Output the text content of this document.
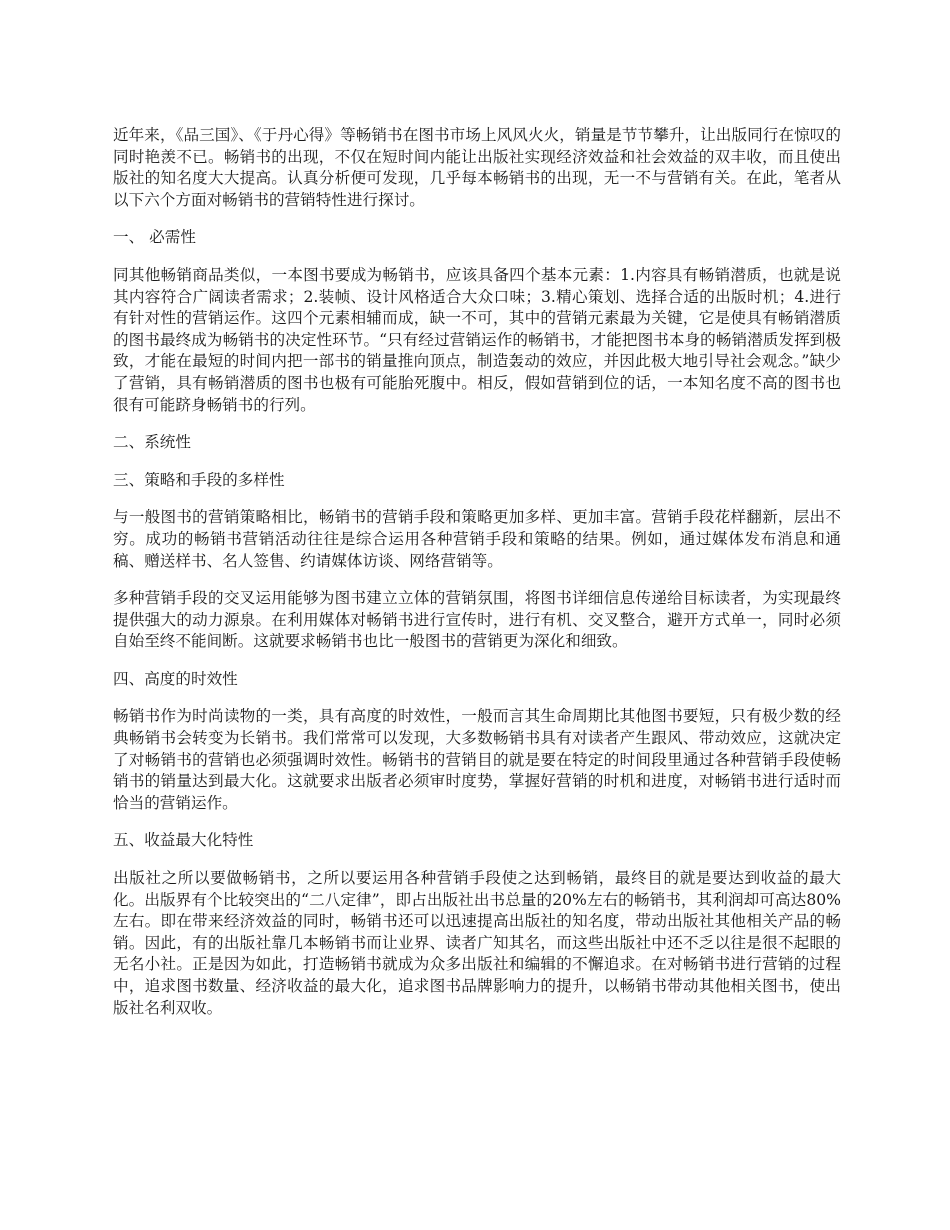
近年来，《品三国》、《于丹心得》等畅销书在图书市场上风风火火，销量是节节攀升，让出版同行在惊叹的同时艳羡不已。畅销书的出现，不仅在短时间内能让出版社实现经济效益和社会效益的双丰收，而且使出版社的知名度大大提高。认真分析便可发现，几乎每本畅销书的出现，无一不与营销有关。在此，笔者从以下六个方面对畅销书的营销特性进行探讨。

一、 必需性

同其他畅销商品类似，一本图书要成为畅销书，应该具备四个基本元素：1.内容具有畅销潜质，也就是说其内容符合广阔读者需求；2.装帧、设计风格适合大众口味；3.精心策划、选择合适的出版时机；4.进行有针对性的营销运作。这四个元素相辅而成，缺一不可，其中的营销元素最为关键，它是使具有畅销潜质的图书最终成为畅销书的决定性环节。“只有经过营销运作的畅销书，才能把图书本身的畅销潜质发挥到极致，才能在最短的时间内把一部书的销量推向顶点，制造轰动的效应，并因此极大地引导社会观念。”缺少了营销，具有畅销潜质的图书也极有可能胎死腹中。相反，假如营销到位的话，一本知名度不高的图书也很有可能跻身畅销书的行列。

二、系统性

三、策略和手段的多样性

与一般图书的营销策略相比，畅销书的营销手段和策略更加多样、更加丰富。营销手段花样翻新，层出不穷。成功的畅销书营销活动往往是综合运用各种营销手段和策略的结果。例如，通过媒体发布消息和通稿、赠送样书、名人签售、约请媒体访谈、网络营销等。

多种营销手段的交叉运用能够为图书建立立体的营销氛围，将图书详细信息传递给目标读者，为实现最终提供强大的动力源泉。在利用媒体对畅销书进行宣传时，进行有机、交叉整合，避开方式单一，同时必须自始至终不能间断。这就要求畅销书也比一般图书的营销更为深化和细致。

四、高度的时效性

畅销书作为时尚读物的一类，具有高度的时效性，一般而言其生命周期比其他图书要短，只有极少数的经典畅销书会转变为长销书。我们常常可以发现，大多数畅销书具有对读者产生跟风、带动效应，这就决定了对畅销书的营销也必须强调时效性。畅销书的营销目的就是要在特定的时间段里通过各种营销手段使畅销书的销量达到最大化。这就要求出版者必须审时度势，掌握好营销的时机和进度，对畅销书进行适时而恰当的营销运作。

五、收益最大化特性

出版社之所以要做畅销书，之所以要运用各种营销手段使之达到畅销，最终目的就是要达到收益的最大化。出版界有个比较突出的“二八定律”，即占出版社出书总量的20%左右的畅销书，其利润却可高达80%左右。即在带来经济效益的同时，畅销书还可以迅速提高出版社的知名度，带动出版社其他相关产品的畅销。因此，有的出版社靠几本畅销书而让业界、读者广知其名，而这些出版社中还不乏以往是很不起眼的无名小社。正是因为如此，打造畅销书就成为众多出版社和编辑的不懈追求。在对畅销书进行营销的过程中，追求图书数量、经济收益的最大化，追求图书品牌影响力的提升，以畅销书带动其他相关图书，使出版社名利双收。
